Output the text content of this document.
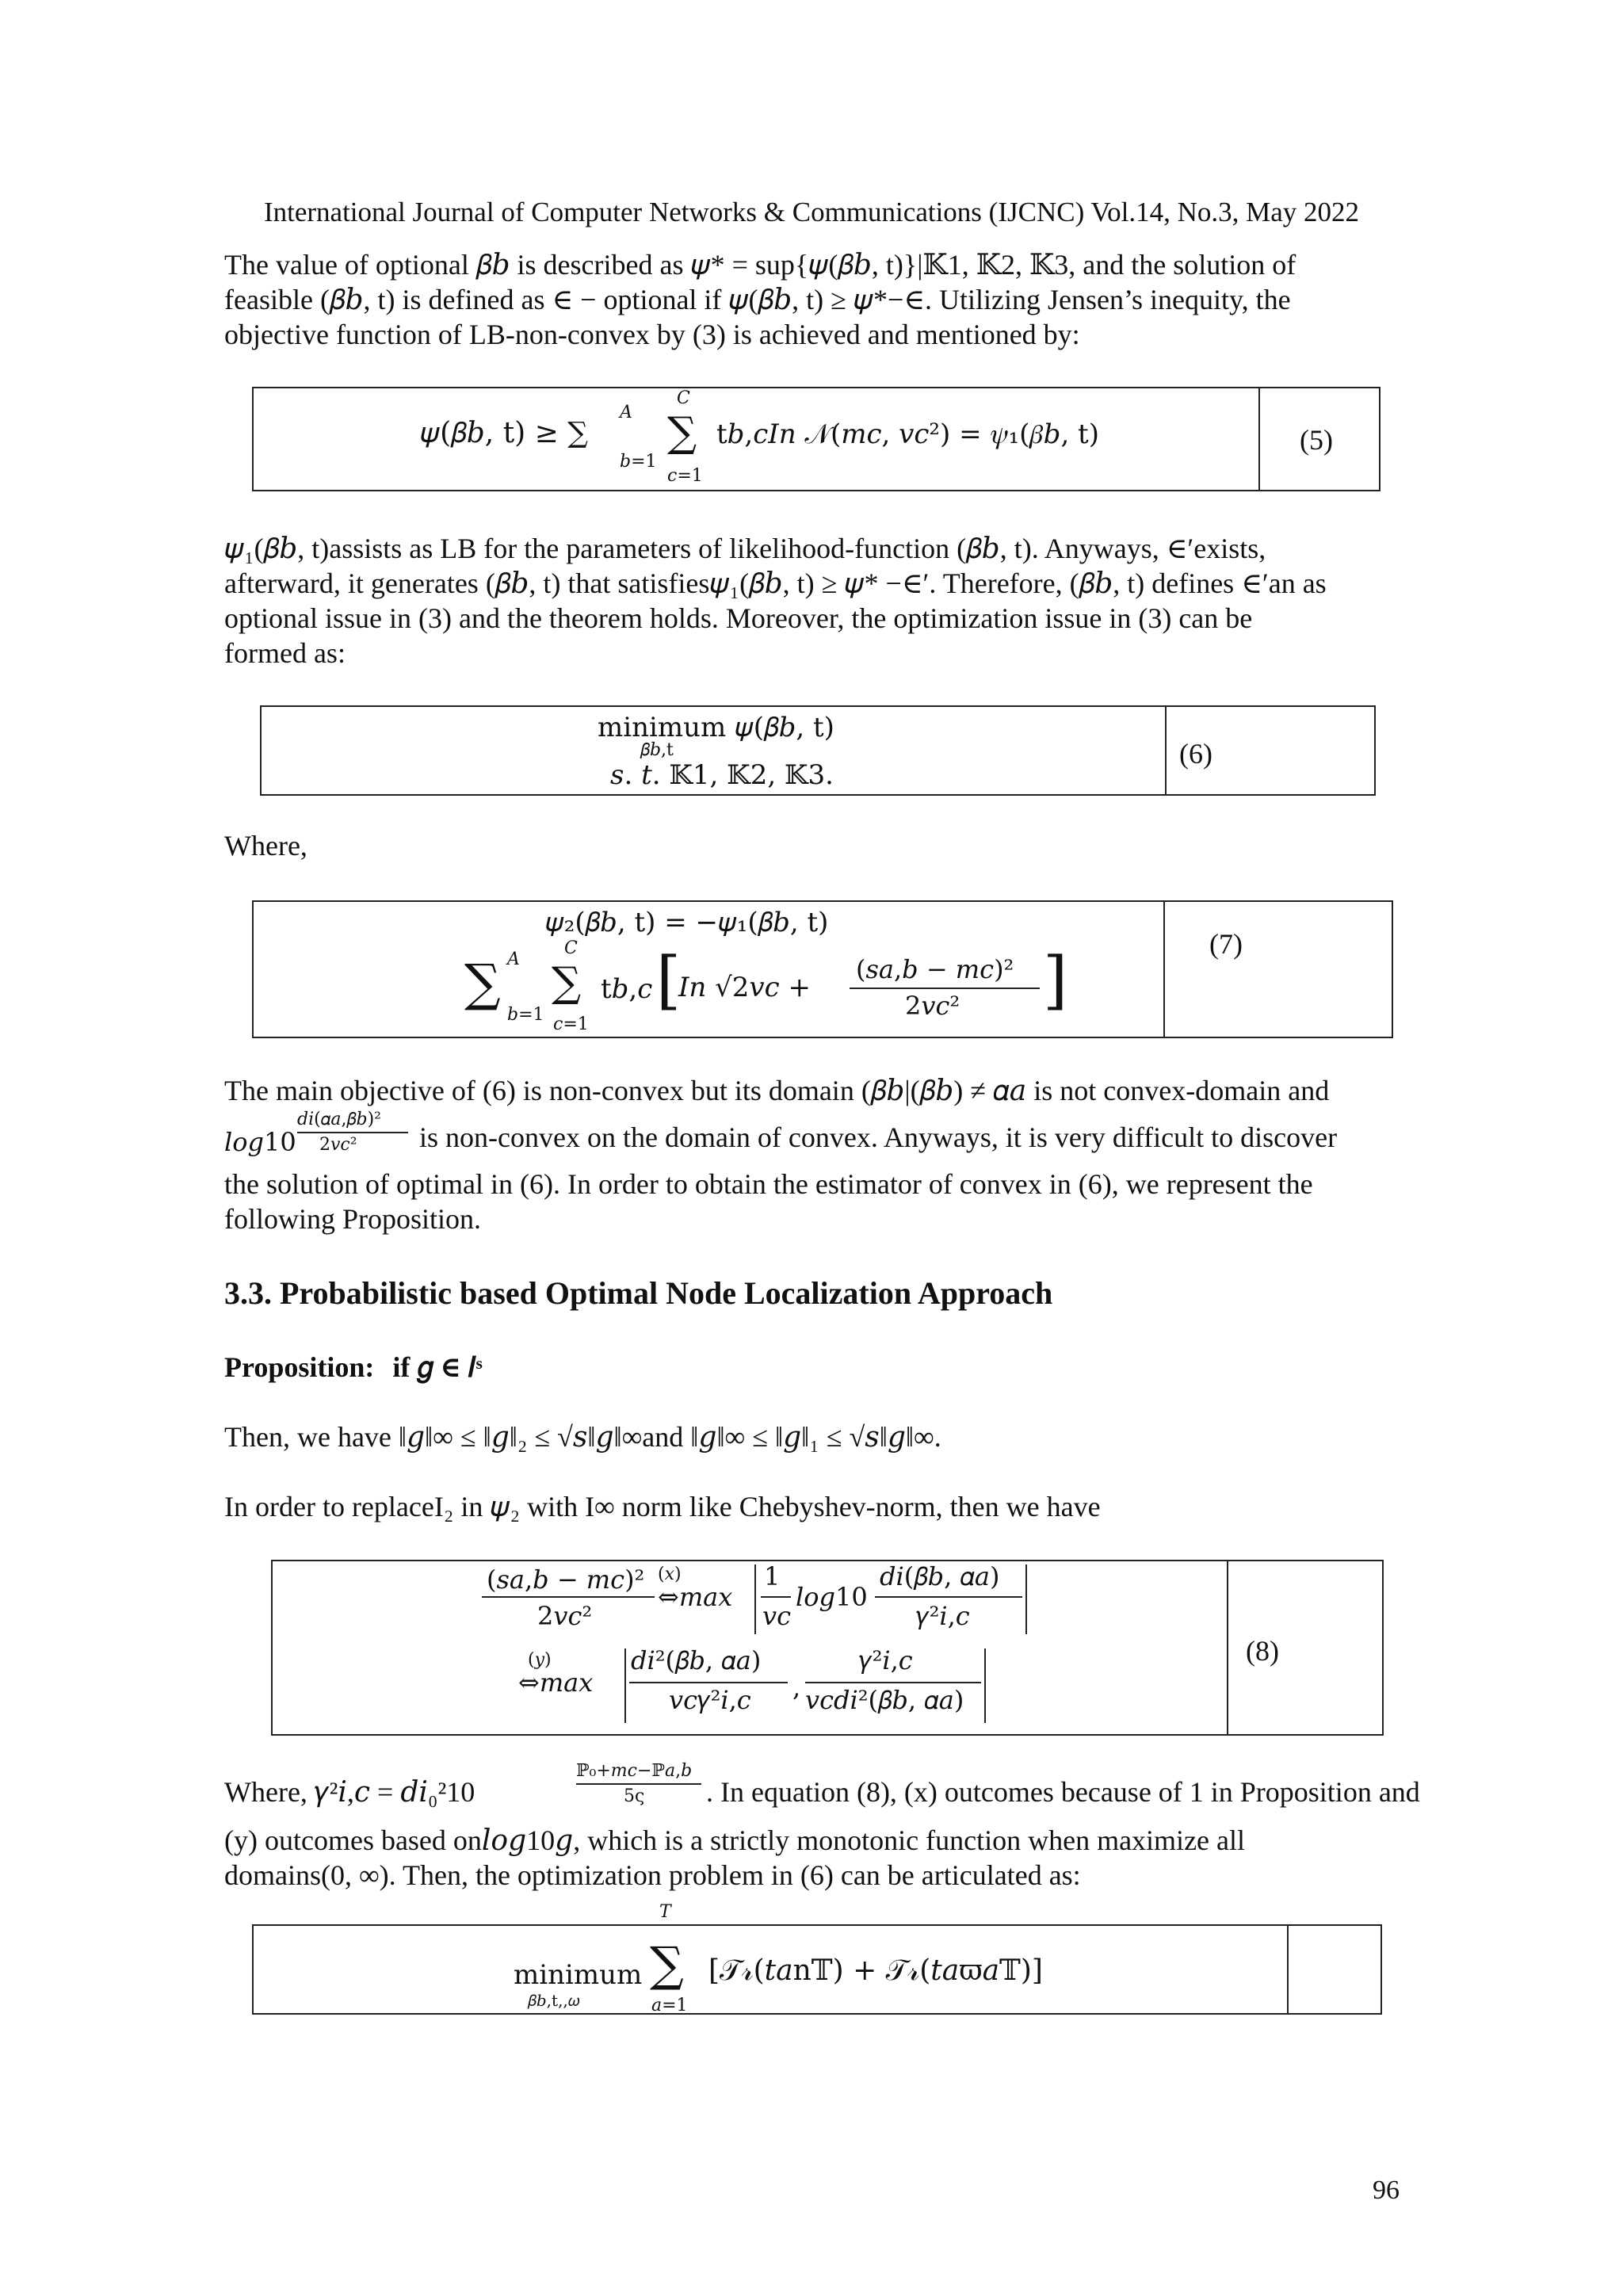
International Journal of Computer Networks & Communications (IJCNC) Vol.14, No.3, May 2022
The value of optional 𝛽𝑏 is described as 𝜓* = sup{𝜓(𝛽𝑏, t)}|𝕂1, 𝕂2, 𝕂3, and the solution of
feasible (𝛽𝑏, t) is defined as ∈ − optional if 𝜓(𝛽𝑏, t) ≥ 𝜓*−∈. Utilizing Jensen’s inequity, the
objective function of LB-non-convex by (3) is achieved and mentioned by:
𝜓(𝛽𝑏, t) ≥ ∑
𝐴
𝑏=1
∑
𝐶
𝑐=1
t𝑏,𝑐𝐼𝑛 𝒩(𝑚𝑐, 𝑣𝑐²) = 𝜓₁(𝛽𝑏, t)	(5)
𝜓₁(𝛽𝑏, t)assists as LB for the parameters of likelihood-function (𝛽𝑏, t). Anyways, ∈′exists,
afterward, it generates (𝛽𝑏, t) that satisfies𝜓₁(𝛽𝑏, t) ≥ 𝜓* −∈′. Therefore, (𝛽𝑏, t) defines ∈′an as
optional issue in (3) and the theorem holds. Moreover, the optimization issue in (3) can be
formed as:
minimum 𝜓(𝛽𝑏, t)
𝛽𝑏,t
𝑠. 𝑡. 𝕂1, 𝕂2, 𝕂3.
(6)
Where,
𝜓₂(𝛽𝑏, t) = −𝜓₁(𝛽𝑏, t)
∑ 𝐴
𝑏=1
∑
𝐶
𝑐=1
t𝑏,𝑐 [
𝐼𝑛 √2𝑣𝑐 +
(𝑠𝑎,𝑏 − 𝑚𝑐)²
2𝑣𝑐² ]	(7)
The main objective of (6) is non-convex but its domain (𝛽𝑏|(𝛽𝑏) ≠ 𝛼𝑎 is not convex-domain and
𝑙𝑜𝑔10
𝑑𝑖(𝛼𝑎,𝛽𝑏)²
2𝑣𝑐² is non-convex on the domain of convex. Anyways, it is very difficult to discover
the solution of optimal in (6). In order to obtain the estimator of convex in (6), we represent the
following Proposition.
3.3. Probabilistic based Optimal Node Localization Approach
Proposition: if 𝑔 ∈ 𝐼ˢ
Then, we have ‖𝑔‖∞ ≤ ‖𝑔‖₂ ≤ √𝑠‖𝑔‖∞and ‖𝑔‖∞ ≤ ‖𝑔‖₁ ≤ √𝑠‖𝑔‖∞.
In order to replaceI₂ in 𝜓₂ with I∞ norm like Chebyshev-norm, then we have
(𝑠𝑎,𝑏 − 𝑚𝑐)²
2𝑣𝑐²
(𝑥)
⇔𝑚𝑎𝑥
1
𝑣𝑐
𝑙𝑜𝑔10
𝑑𝑖(𝛽𝑏, 𝛼𝑎)
𝛾²𝑖,𝑐
(𝑦)
⇔𝑚𝑎𝑥
𝑑𝑖²(𝛽𝑏, 𝛼𝑎)
𝑣𝑐𝛾²𝑖,𝑐 ,
𝛾²𝑖,𝑐
𝑣𝑐𝑑𝑖²(𝛽𝑏, 𝛼𝑎)
(8)
Where, 𝛾²𝑖,𝑐 = 𝑑𝑖₀²10
ℙ₀+𝑚𝑐−ℙ𝑎,𝑏
5ς . In equation (8), (x) outcomes because of 1 in Proposition and
(y) outcomes based on𝑙𝑜𝑔10𝑔, which is a strictly monotonic function when maximize all
domains(0, ∞). Then, the optimization problem in (6) can be articulated as:
minimum
𝛽𝑏,t,,𝜔
∑
𝑇
𝑎=1
[𝒯𝓇(𝑡𝑎n𝕋) + 𝒯𝓇(𝑡𝑎ϖ𝑎𝕋)]
96
